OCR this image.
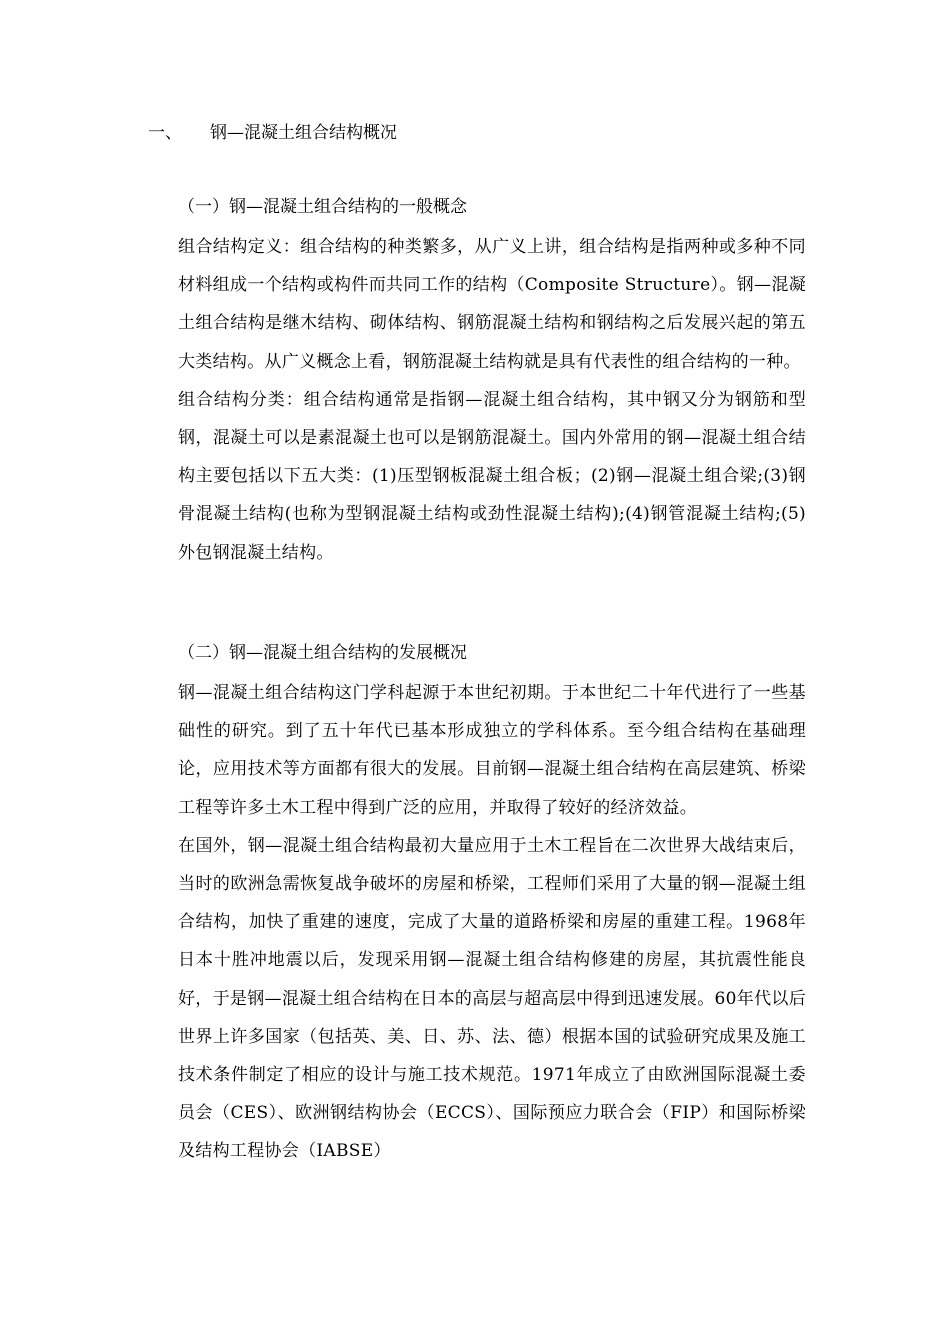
一、 钢—混凝土组合结构概况
（一）钢—混凝土组合结构的一般概念

组合结构定义：组合结构的种类繁多，从广义上讲，组合结构是指两种或多种不同材料组成一个结构或构件而共同工作的结构（Composite Structure）。钢—混凝土组合结构是继木结构、砌体结构、钢筋混凝土结构和钢结构之后发展兴起的第五大类结构。从广义概念上看，钢筋混凝土结构就是具有代表性的组合结构的一种。

组合结构分类：组合结构通常是指钢—混凝土组合结构，其中钢又分为钢筋和型钢，混凝土可以是素混凝土也可以是钢筋混凝土。国内外常用的钢—混凝土组合结构主要包括以下五大类：(1)压型钢板混凝土组合板；(2)钢—混凝土组合梁;(3)钢骨混凝土结构(也称为型钢混凝土结构或劲性混凝土结构);(4)钢管混凝土结构;(5)外包钢混凝土结构。

（二）钢—混凝土组合结构的发展概况

钢—混凝土组合结构这门学科起源于本世纪初期。于本世纪二十年代进行了一些基础性的研究。到了五十年代已基本形成独立的学科体系。至今组合结构在基础理论，应用技术等方面都有很大的发展。目前钢—混凝土组合结构在高层建筑、桥梁工程等许多土木工程中得到广泛的应用，并取得了较好的经济效益。

在国外，钢—混凝土组合结构最初大量应用于土木工程旨在二次世界大战结束后，当时的欧洲急需恢复战争破坏的房屋和桥梁，工程师们采用了大量的钢—混凝土组合结构，加快了重建的速度，完成了大量的道路桥梁和房屋的重建工程。1968年日本十胜冲地震以后，发现采用钢—混凝土组合结构修建的房屋，其抗震性能良好，于是钢—混凝土组合结构在日本的高层与超高层中得到迅速发展。60年代以后世界上许多国家（包括英、美、日、苏、法、德）根据本国的试验研究成果及施工技术条件制定了相应的设计与施工技术规范。1971年成立了由欧洲国际混凝土委员会（CES）、欧洲钢结构协会（ECCS）、国际预应力联合会（FIP）和国际桥梁及结构工程协会（IABSE）
